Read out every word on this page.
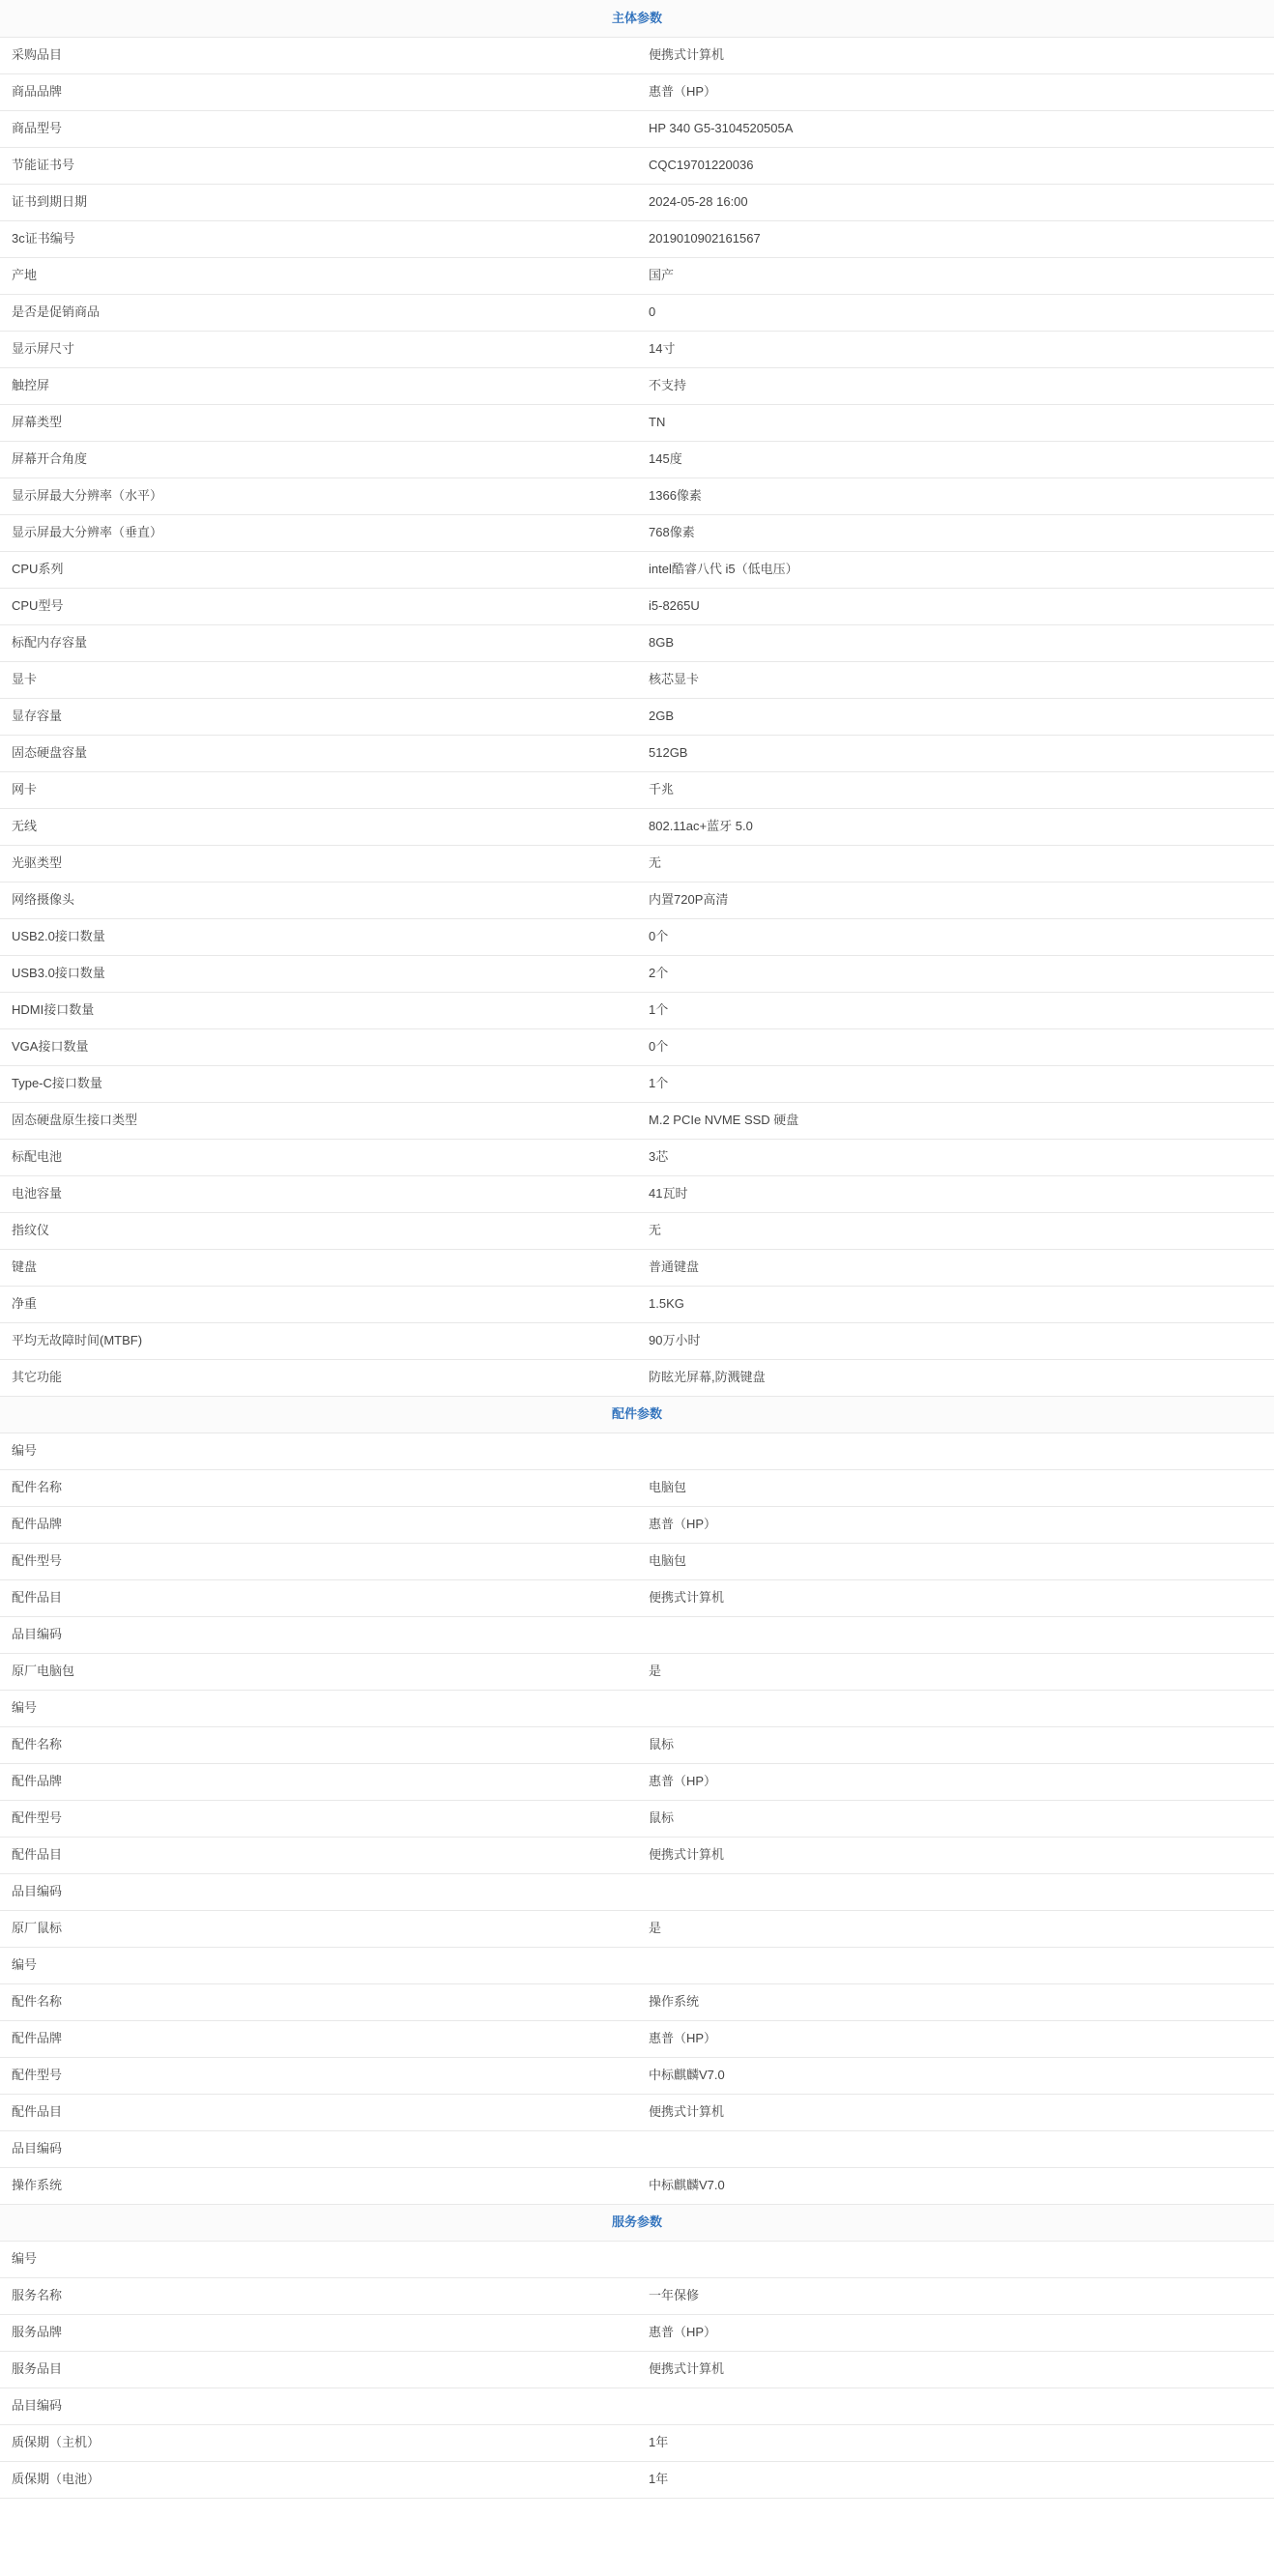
主体参数	
采购品目	便携式计算机
商品品牌	惠普（HP）
商品型号	HP 340 G5-3104520505A
节能证书号	CQC19701220036
证书到期日期	2024-05-28 16:00
3c证书编号	2019010902161567
产地	国产
是否是促销商品	0
显示屏尺寸	14寸
触控屏	不支持
屏幕类型	TN
屏幕开合角度	145度
显示屏最大分辨率（水平）	1366像素
显示屏最大分辨率（垂直）	768像素
CPU系列	intel酷睿八代 i5（低电压）
CPU型号	i5-8265U
标配内存容量	8GB
显卡	核芯显卡
显存容量	2GB
固态硬盘容量	512GB
网卡	千兆
无线	802.11ac+蓝牙 5.0
光驱类型	无
网络摄像头	内置720P高清
USB2.0接口数量	0个
USB3.0接口数量	2个
HDMI接口数量	1个
VGA接口数量	0个
Type-C接口数量	1个
固态硬盘原生接口类型	M.2 PCIe NVME SSD 硬盘
标配电池	3芯
电池容量	41瓦时
指纹仪	无
键盘	普通键盘
净重	1.5KG
平均无故障时间(MTBF)	90万小时
其它功能	防眩光屏幕,防溅键盘
配件参数	
编号	
配件名称	电脑包
配件品牌	惠普（HP）
配件型号	电脑包
配件品目	便携式计算机
品目编码	
原厂电脑包	是
编号	
配件名称	鼠标
配件品牌	惠普（HP）
配件型号	鼠标
配件品目	便携式计算机
品目编码	
原厂鼠标	是
编号	
配件名称	操作系统
配件品牌	惠普（HP）
配件型号	中标麒麟V7.0
配件品目	便携式计算机
品目编码	
操作系统	中标麒麟V7.0
服务参数	
编号	
服务名称	一年保修
服务品牌	惠普（HP）
服务品目	便携式计算机
品目编码	
质保期（主机）	1年
质保期（电池）	1年
